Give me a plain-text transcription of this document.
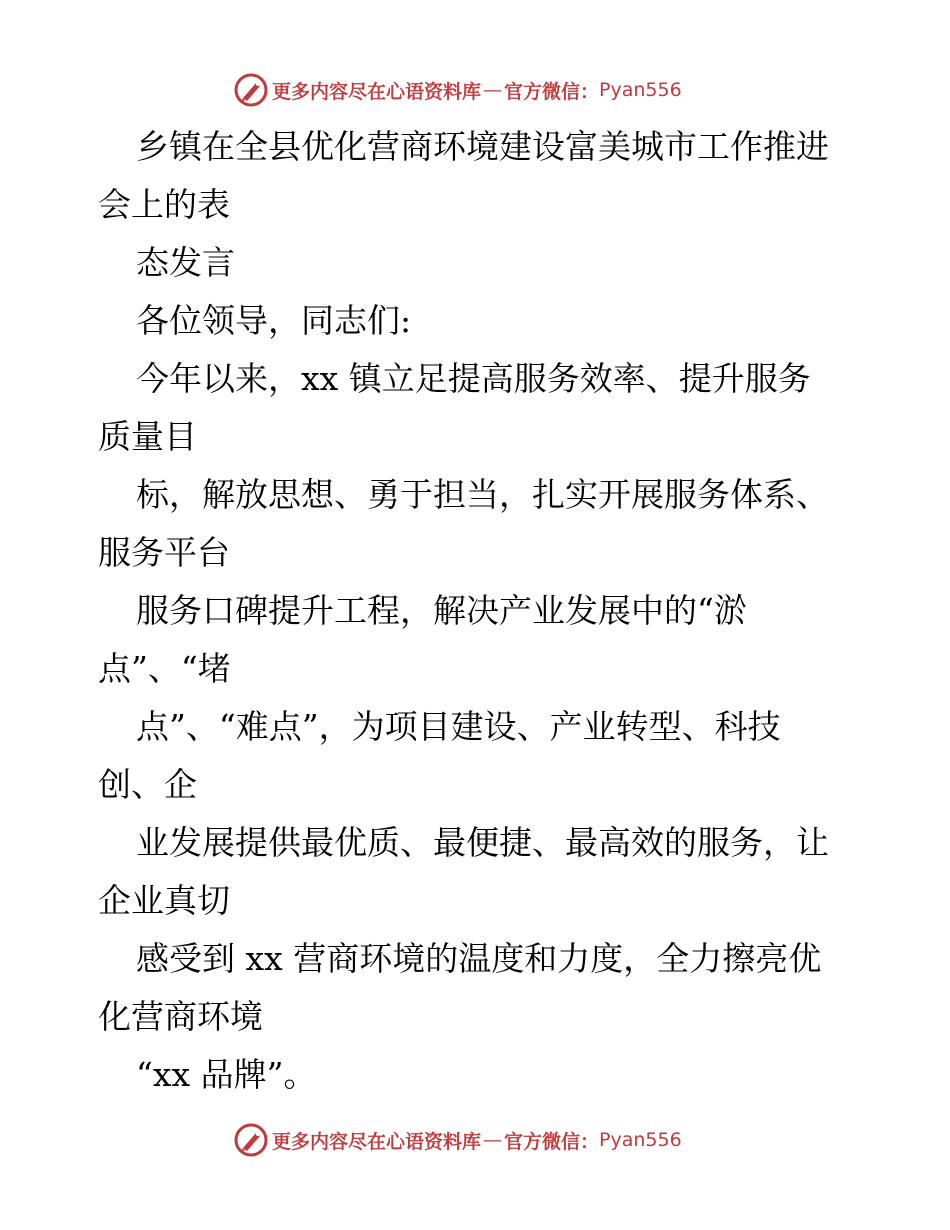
更多内容尽在心语资料库 — 官方微信： Pyan556
乡镇在全县优化营商环境建设富美城市工作推进
会上的表
态发言
各位领导，同志们:
今年以来，xx 镇立足提高服务效率、提升服务
质量目
标，解放思想、勇于担当，扎实开展服务体系、
服务平台
服务口碑提升工程，解决产业发展中的“淤
点”、“堵
点”、“难点”，为项目建设、产业转型、科技
创、企
业发展提供最优质、最便捷、最高效的服务，让
企业真切
感受到 xx 营商环境的温度和力度，全力擦亮优
化营商环境
“xx 品牌”。
更多内容尽在心语资料库 — 官方微信： Pyan556
